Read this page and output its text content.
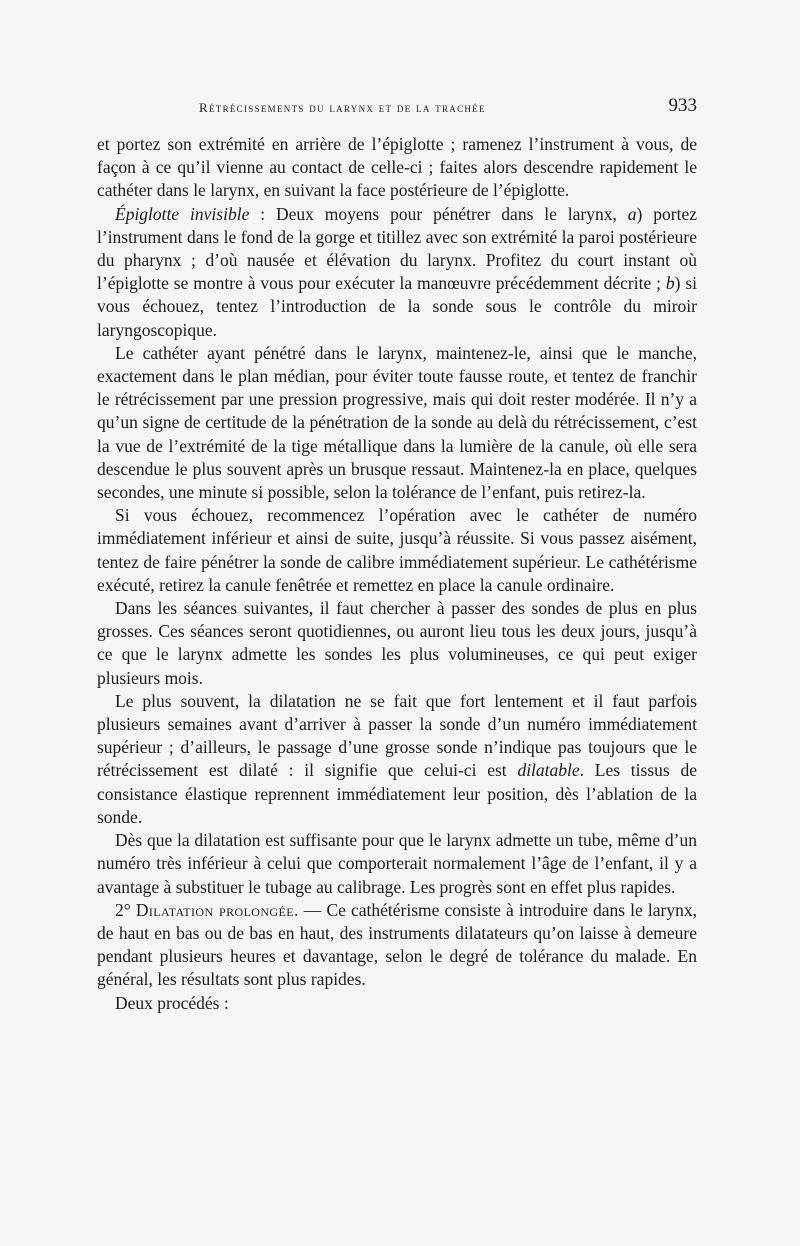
Rétrécissements du larynx et de la trachée	933

et portez son extrémité en arrière de l’épiglotte ; ramenez l’instrument à vous, de façon à ce qu’il vienne au contact de celle-ci ; faites alors descendre rapidement le cathéter dans le larynx, en suivant la face postérieure de l’épiglotte.

Épiglotte invisible : Deux moyens pour pénétrer dans le larynx, a) portez l’instrument dans le fond de la gorge et titillez avec son extrémité la paroi postérieure du pharynx ; d’où nausée et élévation du larynx. Profitez du court instant où l’épiglotte se montre à vous pour exécuter la manœuvre précédemment décrite ; b) si vous échouez, tentez l’introduction de la sonde sous le contrôle du miroir laryngoscopique.

Le cathéter ayant pénétré dans le larynx, maintenez-le, ainsi que le manche, exactement dans le plan médian, pour éviter toute fausse route, et tentez de franchir le rétrécissement par une pression progressive, mais qui doit rester modérée. Il n’y a qu’un signe de certitude de la pénétration de la sonde au delà du rétrécissement, c’est la vue de l’extrémité de la tige métallique dans la lumière de la canule, où elle sera descendue le plus souvent après un brusque ressaut. Maintenez-la en place, quelques secondes, une minute si possible, selon la tolérance de l’enfant, puis retirez-la.

Si vous échouez, recommencez l’opération avec le cathéter de numéro immédiatement inférieur et ainsi de suite, jusqu’à réussite. Si vous passez aisément, tentez de faire pénétrer la sonde de calibre immédiatement supérieur. Le cathétérisme exécuté, retirez la canule fenêtrée et remettez en place la canule ordinaire.

Dans les séances suivantes, il faut chercher à passer des sondes de plus en plus grosses. Ces séances seront quotidiennes, ou auront lieu tous les deux jours, jusqu’à ce que le larynx admette les sondes les plus volumineuses, ce qui peut exiger plusieurs mois.

Le plus souvent, la dilatation ne se fait que fort lentement et il faut parfois plusieurs semaines avant d’arriver à passer la sonde d’un numéro immédiatement supérieur ; d’ailleurs, le passage d’une grosse sonde n’indique pas toujours que le rétrécissement est dilaté : il signifie que celui-ci est dilatable. Les tissus de consistance élastique reprennent immédiatement leur position, dès l’ablation de la sonde.

Dès que la dilatation est suffisante pour que le larynx admette un tube, même d’un numéro très inférieur à celui que comporterait normalement l’âge de l’enfant, il y a avantage à substituer le tubage au calibrage. Les progrès sont en effet plus rapides.

2° Dilatation prolongée. — Ce cathétérisme consiste à introduire dans le larynx, de haut en bas ou de bas en haut, des instruments dilatateurs qu’on laisse à demeure pendant plusieurs heures et davantage, selon le degré de tolérance du malade. En général, les résultats sont plus rapides.

Deux procédés :
